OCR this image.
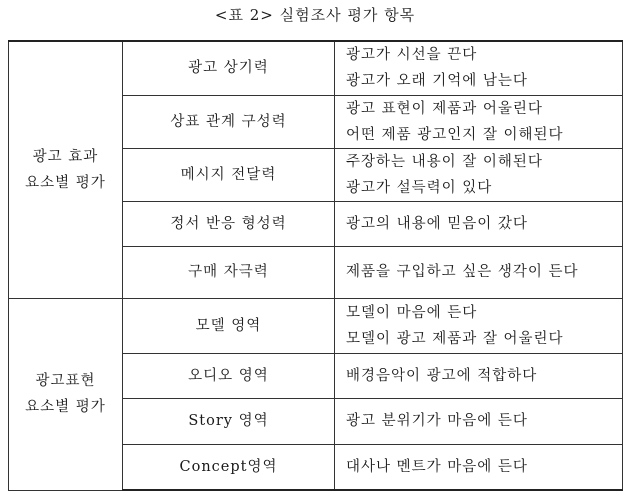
<표 2> 실험조사 평가 항목
광고 효과
요소별 평가	광고 상기력	광고가 시선을 끈다
광고가 오래 기억에 남는다

	상표 관계 구성력	광고 표현이 제품과 어울린다
어떤 제품 광고인지 잘 이해된다

	메시지 전달력	주장하는 내용이 잘 이해된다
광고가 설득력이 있다

	정서 반응 형성력	광고의 내용에 믿음이 갔다

	구매 자극력	제품을 구입하고 싶은 생각이 든다

광고표현
요소별 평가	모델 영역	모델이 마음에 든다
모델이 광고 제품과 잘 어울린다

	오디오 영역	배경음악이 광고에 적합하다

	Story 영역	광고 분위기가 마음에 든다

	Concept영역	대사나 멘트가 마음에 든다
